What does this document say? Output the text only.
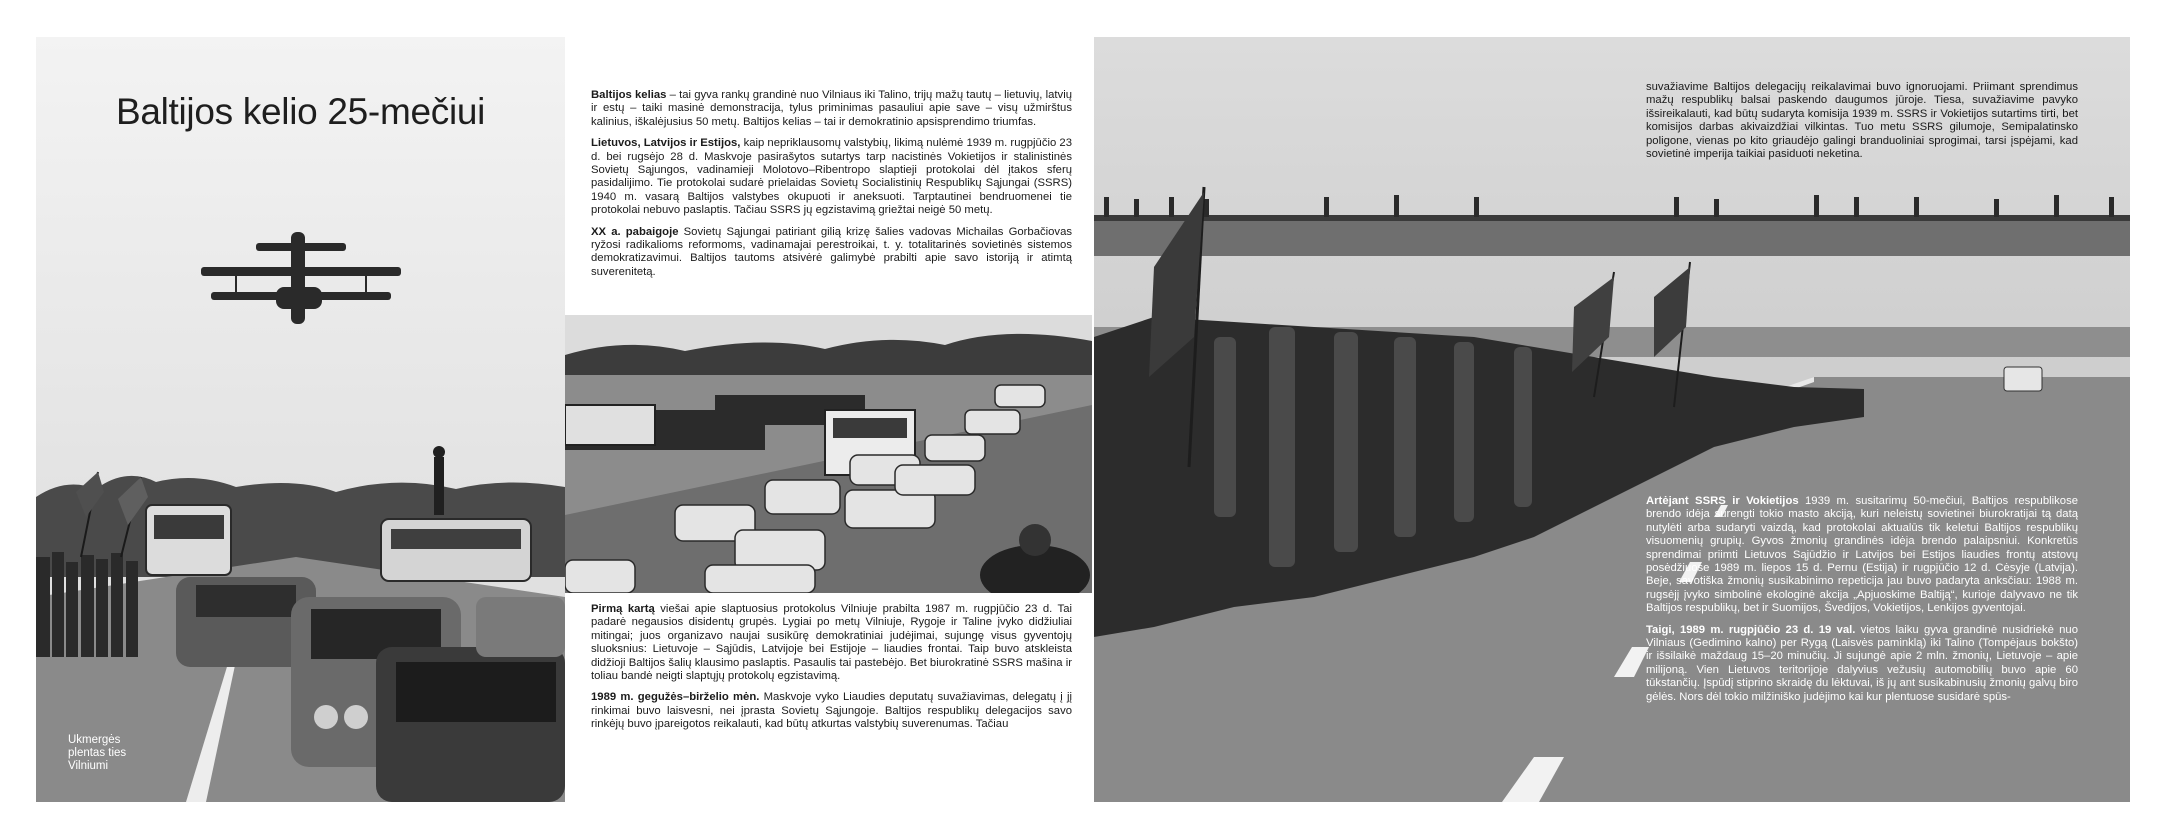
Baltijos kelio 25-mečiui
Ukmergės
plentas ties
Vilniumi

Baltijos kelias – tai gyva rankų grandinė nuo Vilniaus iki Talino, trijų mažų tautų – lietuvių, latvių ir estų – taiki masinė demonstracija, tylus priminimas pasauliui apie save – visų užmirštus kalinius, iškalėjusius 50 metų. Baltijos kelias – tai ir demokratinio apsisprendimo triumfas.

Lietuvos, Latvijos ir Estijos, kaip nepriklausomų valstybių, likimą nulėmė 1939 m. rugpjūčio 23 d. bei rugsėjo 28 d. Maskvoje pasirašytos sutartys tarp nacistinės Vokietijos ir stalinistinės Sovietų Sąjungos, vadinamieji Molotovo–Ribentropo slaptieji protokolai dėl įtakos sferų pasidalijimo. Tie protokolai sudarė prielaidas Sovietų Socialistinių Respublikų Sąjungai (SSRS) 1940 m. vasarą Baltijos valstybes okupuoti ir aneksuoti. Tarptautinei bendruomenei tie protokolai nebuvo paslaptis. Tačiau SSRS jų egzistavimą griežtai neigė 50 metų.

XX a. pabaigoje Sovietų Sąjungai patiriant gilią krizę šalies vadovas Michailas Gorbačiovas ryžosi radikalioms reformoms, vadinamajai perestroikai, t. y. totalitarinės sovietinės sistemos demokratizavimui. Baltijos tautoms atsivėrė galimybė prabilti apie savo istoriją ir atimtą suverenitetą.

Pirmą kartą viešai apie slaptuosius protokolus Vilniuje prabilta 1987 m. rugpjūčio 23 d. Tai padarė negausios disidentų grupės. Lygiai po metų Vilniuje, Rygoje ir Taline įvyko didžiuliai mitingai; juos organizavo naujai susikūrę demokratiniai judėjimai, sujungę visus gyventojų sluoksnius: Lietuvoje – Sąjūdis, Latvijoje bei Estijoje – liaudies frontai. Taip buvo atskleista didžioji Baltijos šalių klausimo paslaptis. Pasaulis tai pastebėjo. Bet biurokratinė SSRS mašina ir toliau bandė neigti slaptųjų protokolų egzistavimą.

1989 m. gegužės–birželio mėn. Maskvoje vyko Liaudies deputatų suvažiavimas, delegatų į jį rinkimai buvo laisvesni, nei įprasta Sovietų Sąjungoje. Baltijos respublikų delegacijos savo rinkėjų buvo įpareigotos reikalauti, kad būtų atkurtas valstybių suverenumas. Tačiau

suvažiavime Baltijos delegacijų reikalavimai buvo ignoruojami. Priimant sprendimus mažų respublikų balsai paskendo daugumos jūroje. Tiesa, suvažiavime pavyko išsireikalauti, kad būtų sudaryta komisija 1939 m. SSRS ir Vokietijos sutartims tirti, bet komisijos darbas akivaizdžiai vilkintas. Tuo metu SSRS gilumoje, Semipalatinsko poligone, vienas po kito griaudėjo galingi branduoliniai sprogimai, tarsi įspėjami, kad sovietinė imperija taikiai pasiduoti neketina.

Artėjant SSRS ir Vokietijos 1939 m. susitarimų 50-mečiui, Baltijos respublikose brendo idėja surengti tokio masto akciją, kuri neleistų sovietinei biurokratijai tą datą nutylėti arba sudaryti vaizdą, kad protokolai aktualūs tik keletui Baltijos respublikų visuomenių grupių. Gyvos žmonių grandinės idėja brendo palaipsniui. Konkretūs sprendimai priimti Lietuvos Sąjūdžio ir Latvijos bei Estijos liaudies frontų atstovų posėdžiuose 1989 m. liepos 15 d. Pernu (Estija) ir rugpjūčio 12 d. Cėsyje (Latvija). Beje, savotiška žmonių susikabinimo repeticija jau buvo padaryta anksčiau: 1988 m. rugsėjį įvyko simbolinė ekologinė akcija „Apjuoskime Baltiją“, kurioje dalyvavo ne tik Baltijos respublikų, bet ir Suomijos, Švedijos, Vokietijos, Lenkijos gyventojai.

Taigi, 1989 m. rugpjūčio 23 d. 19 val. vietos laiku gyva grandinė nusidriekė nuo Vilniaus (Gedimino kalno) per Rygą (Laisvės paminklą) iki Talino (Tompėjaus bokšto) ir išsilaikė maždaug 15–20 minučių. Ji sujungė apie 2 mln. žmonių, Lietuvoje – apie milijoną. Vien Lietuvos teritorijoje dalyvius vežusių automobilių buvo apie 60 tūkstančių. Įspūdį stiprino skraidę du lėktuvai, iš jų ant susikabinusių žmonių galvų biro gėlės. Nors dėl tokio milžiniško judėjimo kai kur plentuose susidarė spūs-
